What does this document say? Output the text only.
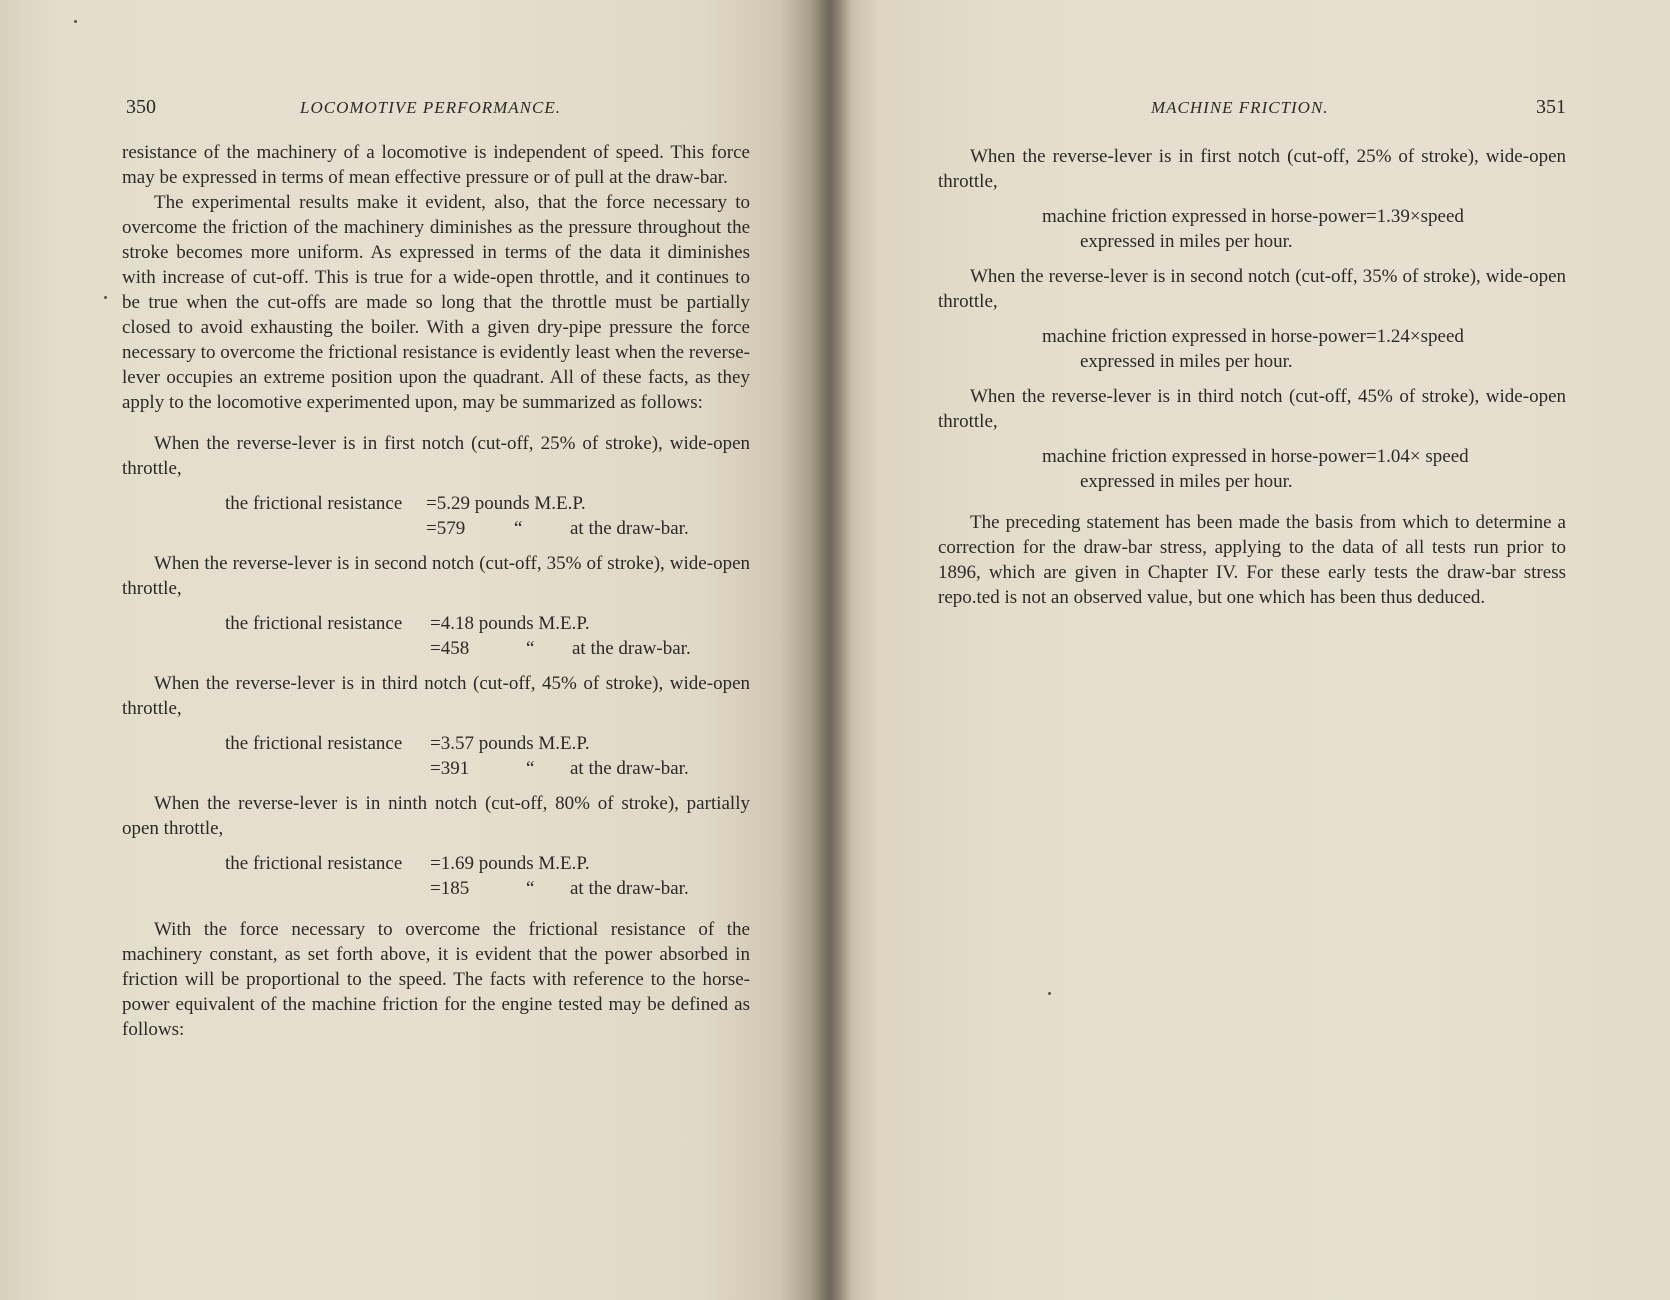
350	LOCOMOTIVE PERFORMANCE.

resistance of the machinery of a locomotive is independent of speed. This force may be expressed in terms of mean effective pressure or of pull at the draw-bar.

The experimental results make it evident, also, that the force necessary to overcome the friction of the machinery diminishes as the pressure throughout the stroke becomes more uniform. As expressed in terms of the data it diminishes with increase of cut-off. This is true for a wide-open throttle, and it continues to be true when the cut-offs are made so long that the throttle must be partially closed to avoid exhausting the boiler. With a given dry-pipe pressure the force necessary to overcome the frictional resistance is evidently least when the reverse-lever occupies an extreme position upon the quadrant. All of these facts, as they apply to the locomotive experimented upon, may be summarized as follows:

When the reverse-lever is in first notch (cut-off, 25% of stroke), wide-open throttle,

the frictional resistance =5.29 pounds M.E.P.
=579	“	at the draw-bar.

When the reverse-lever is in second notch (cut-off, 35% of stroke), wide-open throttle,

the frictional resistance =4.18 pounds M.E.P.
=458	“ at the draw-bar.

When the reverse-lever is in third notch (cut-off, 45% of stroke), wide-open throttle,

the frictional resistance =3.57 pounds M.E.P.
=391	“ at the draw-bar.

When the reverse-lever is in ninth notch (cut-off, 80% of stroke), partially open throttle,

the frictional resistance =1.69 pounds M.E.P.
=185	“ at the draw-bar.

With the force necessary to overcome the frictional resistance of the machinery constant, as set forth above, it is evident that the power absorbed in friction will be proportional to the speed. The facts with reference to the horse-power equivalent of the machine friction for the engine tested may be defined as follows:

MACHINE FRICTION.	351

When the reverse-lever is in first notch (cut-off, 25% of stroke), wide-open throttle,

machine friction expressed in horse-power=1.39×speed
expressed in miles per hour.

When the reverse-lever is in second notch (cut-off, 35% of stroke), wide-open throttle,

machine friction expressed in horse-power=1.24×speed
expressed in miles per hour.

When the reverse-lever is in third notch (cut-off, 45% of stroke), wide-open throttle,

machine friction expressed in horse-power=1.04× speed
expressed in miles per hour.

The preceding statement has been made the basis from which to determine a correction for the draw-bar stress, applying to the data of all tests run prior to 1896, which are given in Chapter IV. For these early tests the draw-bar stress repo.ted is not an observed value, but one which has been thus deduced.
